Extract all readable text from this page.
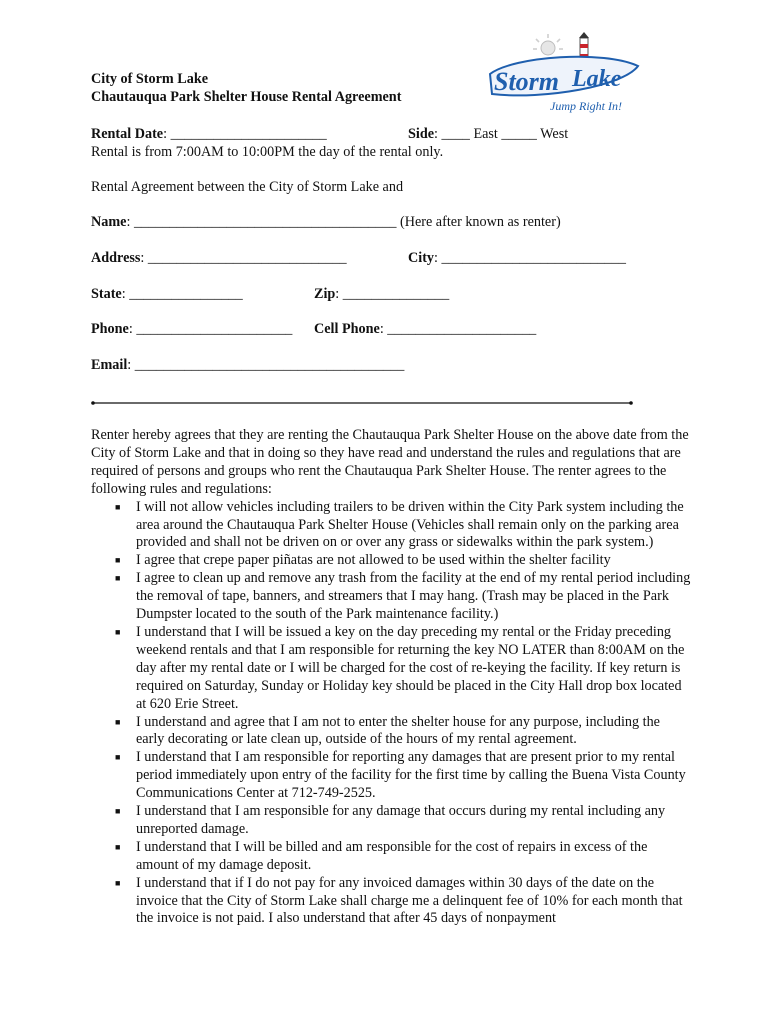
City of Storm Lake
Chautauqua Park Shelter House Rental Agreement
Storm Lake
Jump Right In!
Rental Date: ______________________	Side: ____ East _____ West
Rental is from 7:00AM to 10:00PM the day of the rental only.
Rental Agreement between the City of Storm Lake and
Name: _____________________________________ (Here after known as renter)
Address: ____________________________	City: __________________________
State: ________________	Zip: _______________
Phone: ______________________ Cell Phone: _____________________
Email: ______________________________________

Renter hereby agrees that they are renting the Chautauqua Park Shelter House on the above date from the City of Storm Lake and that in doing so they have read and understand the rules and regulations that are required of persons and groups who rent the Chautauqua Park Shelter House. The renter agrees to the following rules and regulations:

■ I will not allow vehicles including trailers to be driven within the City Park system including the area around the Chautauqua Park Shelter House (Vehicles shall remain only on the parking area provided and shall not be driven on or over any grass or sidewalks within the park system.)
■ I agree that crepe paper piñatas are not allowed to be used within the shelter facility
■ I agree to clean up and remove any trash from the facility at the end of my rental period including the removal of tape, banners, and streamers that I may hang. (Trash may be placed in the Park Dumpster located to the south of the Park maintenance facility.)
■ I understand that I will be issued a key on the day preceding my rental or the Friday preceding weekend rentals and that I am responsible for returning the key NO LATER than 8:00AM on the day after my rental date or I will be charged for the cost of re-keying the facility. If key return is required on Saturday, Sunday or Holiday key should be placed in the City Hall drop box located at 620 Erie Street.
■ I understand and agree that I am not to enter the shelter house for any purpose, including the early decorating or late clean up, outside of the hours of my rental agreement.
■ I understand that I am responsible for reporting any damages that are present prior to my rental period immediately upon entry of the facility for the first time by calling the Buena Vista County Communications Center at 712-749-2525.
■ I understand that I am responsible for any damage that occurs during my rental including any unreported damage.
■ I understand that I will be billed and am responsible for the cost of repairs in excess of the amount of my damage deposit.
■ I understand that if I do not pay for any invoiced damages within 30 days of the date on the invoice that the City of Storm Lake shall charge me a delinquent fee of 10% for each month that the invoice is not paid. I also understand that after 45 days of nonpayment
